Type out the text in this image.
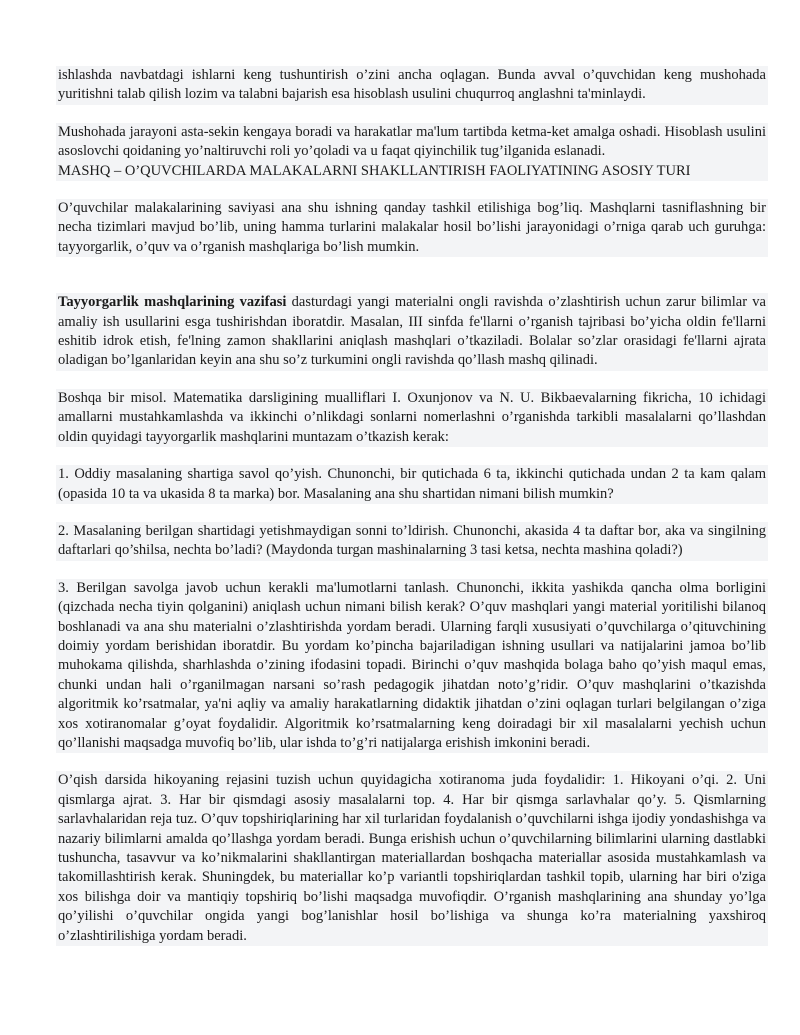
ishlashda navbatdagi ishlarni keng tushuntirish o’zini ancha oqlagan. Bunda avval o’quvchidan keng mushohada yuritishni talab qilish lozim va talabni bajarish esa hisoblash usulini chuqurroq anglashni ta'minlaydi.

Mushohada jarayoni asta-sekin kengaya boradi va harakatlar ma'lum tartibda ketma-ket amalga oshadi. Hisoblash usulini asoslovchi qoidaning yo’naltiruvchi roli yo’qoladi va u faqat qiyinchilik tug’ilganida eslanadi.
MASHQ – O’QUVCHILARDA MALAKALARNI SHAKLLANTIRISH FAOLIYATINING ASOSIY TURI

O’quvchilar malakalarining saviyasi ana shu ishning qanday tashkil etilishiga bog’liq. Mashqlarni tasniflashning bir necha tizimlari mavjud bo’lib, uning hamma turlarini malakalar hosil bo’lishi jarayonidagi o’rniga qarab uch guruhga: tayyorgarlik, o’quv va o’rganish mashqlariga bo’lish mumkin.

Tayyorgarlik mashqlarining vazifasi dasturdagi yangi materialni ongli ravishda o’zlashtirish uchun zarur bilimlar va amaliy ish usullarini esga tushirishdan iboratdir. Masalan, III sinfda fe'llarni o’rganish tajribasi bo’yicha oldin fe'llarni eshitib idrok etish, fe'lning zamon shakllarini aniqlash mashqlari o’tkaziladi. Bolalar so’zlar orasidagi fe'llarni ajrata oladigan bo’lganlaridan keyin ana shu so’z turkumini ongli ravishda qo’llash mashq qilinadi.

Boshqa bir misol. Matematika darsligining mualliflari I. Oxunjonov va N. U. Bikbaevalarning fikricha, 10 ichidagi amallarni mustahkamlashda va ikkinchi o’nlikdagi sonlarni nomerlashni o’rganishda tarkibli masalalarni qo’llashdan oldin quyidagi tayyorgarlik mashqlarini muntazam o’tkazish kerak:

1. Oddiy masalaning shartiga savol qo’yish. Chunonchi, bir qutichada 6 ta, ikkinchi qutichada undan 2 ta kam qalam (opasida 10 ta va ukasida 8 ta marka) bor. Masalaning ana shu shartidan nimani bilish mumkin?

2. Masalaning berilgan shartidagi yetishmaydigan sonni to’ldirish. Chunonchi, akasida 4 ta daftar bor, aka va singilning daftarlari qo’shilsa, nechta bo’ladi? (Maydonda turgan mashinalarning 3 tasi ketsa, nechta mashina qoladi?)

3. Berilgan savolga javob uchun kerakli ma'lumotlarni tanlash. Chunonchi, ikkita yashikda qancha olma borligini (qizchada necha tiyin qolganini) aniqlash uchun nimani bilish kerak? O’quv mashqlari yangi material yoritilishi bilanoq boshlanadi va ana shu materialni o’zlashtirishda yordam beradi. Ularning farqli xususiyati o’quvchilarga o’qituvchining doimiy yordam berishidan iboratdir. Bu yordam ko’pincha bajariladigan ishning usullari va natijalarini jamoa bo’lib muhokama qilishda, sharhlashda o’zining ifodasini topadi. Birinchi o’quv mashqida bolaga baho qo’yish maqul emas, chunki undan hali o’rganilmagan narsani so’rash pedagogik jihatdan noto’g’ridir. O’quv mashqlarini o’tkazishda algoritmik ko’rsatmalar, ya'ni aqliy va amaliy harakatlarning didaktik jihatdan o’zini oqlagan turlari belgilangan o’ziga xos xotiranomalar g’oyat foydalidir. Algoritmik ko’rsatmalarning keng doiradagi bir xil masalalarni yechish uchun qo’llanishi maqsadga muvofiq bo’lib, ular ishda to’g’ri natijalarga erishish imkonini beradi.

O’qish darsida hikoyaning rejasini tuzish uchun quyidagicha xotiranoma juda foydalidir: 1. Hikoyani o’qi. 2. Uni qismlarga ajrat. 3. Har bir qismdagi asosiy masalalarni top. 4. Har bir qismga sarlavhalar qo’y. 5. Qismlarning sarlavhalaridan reja tuz. O’quv topshiriqlarining har xil turlaridan foydalanish o’quvchilarni ishga ijodiy yondashishga va nazariy bilimlarni amalda qo’llashga yordam beradi. Bunga erishish uchun o’quvchilarning bilimlarini ularning dastlabki tushuncha, tasavvur va ko’nikmalarini shakllantirgan materiallardan boshqacha materiallar asosida mustahkamlash va takomillashtirish kerak. Shuningdek, bu materiallar ko’p variantli topshiriqlardan tashkil topib, ularning har biri o'ziga xos bilishga doir va mantiqiy topshiriq bo’lishi maqsadga muvofiqdir. O’rganish mashqlarining ana shunday yo’lga qo’yilishi o’quvchilar ongida yangi bog’lanishlar hosil bo’lishiga va shunga ko’ra materialning yaxshiroq o’zlashtirilishiga yordam beradi.
